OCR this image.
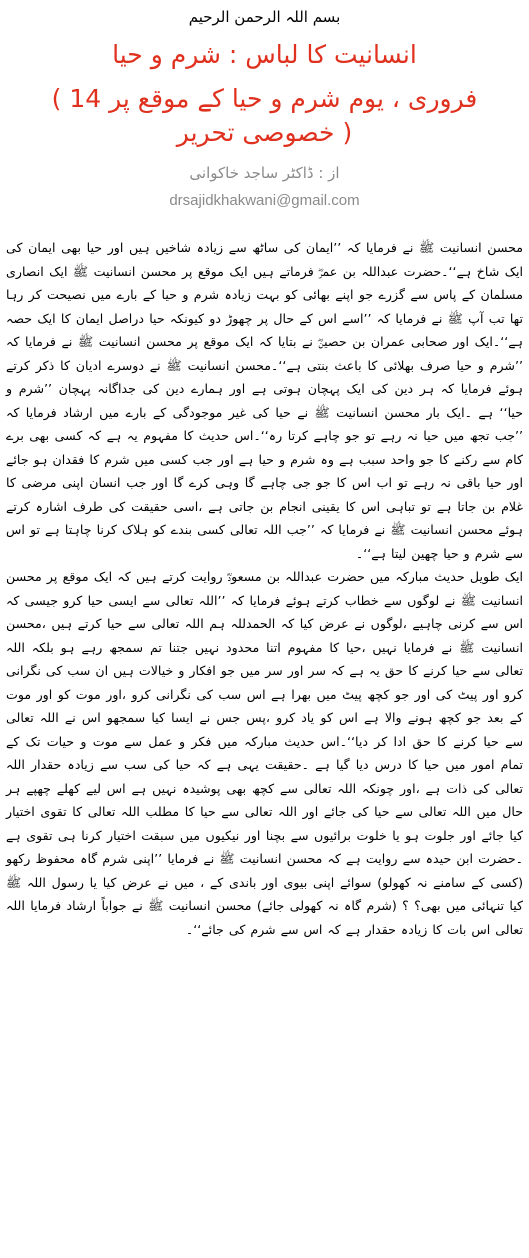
بسم اللہ الرحمن الرحیم

انسانیت کا لباس : شرم و حیا
( 14 فروری ، یوم شرم و حیا کے موقع پر خصوصی تحریر )

از : ڈاکٹر ساجد خاکوانی

drsajidkhakwani@gmail.com

محسن انسانیت ﷺ نے فرمایا کہ ’’ایمان کی ساٹھ سے زیادہ شاخیں ہیں اور حیا بھی ایمان کی ایک شاخ ہے‘‘۔حضرت عبداللہ بن عمرؓ فرماتے ہیں ایک موقع پر محسن انسانیت ﷺ ایک انصاری مسلمان کے پاس سے گزرے جو اپنے بھائی کو بہت زیادہ شرم و حیا کے بارے میں نصیحت کر رہا تھا تب آپ ﷺ نے فرمایا کہ ’’اسے اس کے حال پر چھوڑ دو کیونکہ حیا دراصل ایمان کا ایک حصہ ہے‘‘۔ایک اور صحابی عمران بن حصینؓ نے بتایا کہ ایک موقع پر محسن انسانیت ﷺ نے فرمایا کہ ’’شرم و حیا صرف بھلائی کا باعث بنتی ہے‘‘۔محسن انسانیت ﷺ نے دوسرے ادیان کا ذکر کرتے ہوئے فرمایا کہ ہر دین کی ایک پہچان ہوتی ہے اور ہمارے دین کی جداگانہ پہچان ’’شرم و حیا‘‘ ہے ۔ایک بار محسن انسانیت ﷺ نے حیا کی غیر موجودگی کے بارے میں ارشاد فرمایا کہ ’’جب تجھ میں حیا نہ رہے تو جو چاہے کرتا رہ‘‘۔اس حدیث کا مفہوم یہ ہے کہ کسی بھی برے کام سے رکنے کا جو واحد سبب ہے وہ شرم و حیا ہے اور جب کسی میں شرم کا فقدان ہو جائے اور حیا باقی نہ رہے تو اب اس کا جو جی چاہے گا وہی کرے گا اور جب انسان اپنی مرضی کا غلام بن جاتا ہے تو تباہی اس کا یقینی انجام بن جاتی ہے ،اسی حقیقت کی طرف اشارہ کرتے ہوئے محسن انسانیت ﷺ نے فرمایا کہ ’’جب اللہ تعالی کسی بندے کو ہلاک کرنا چاہتا ہے تو اس سے شرم و حیا چھین لیتا ہے‘‘۔

ایک طویل حدیث مبارکہ میں حضرت عبداللہ بن مسعودؓ روایت کرتے ہیں کہ ایک موقع پر محسن انسانیت ﷺ نے لوگوں سے خطاب کرتے ہوئے فرمایا کہ ’’اللہ تعالی سے ایسی حیا کرو جیسی کہ اس سے کرنی چاہیے ،لوگوں نے عرض کیا کہ الحمدللہ ہم اللہ تعالی سے حیا کرتے ہیں ،محسن انسانیت ﷺ نے فرمایا نہیں ،حیا کا مفہوم اتنا محدود نہیں جتنا تم سمجھ رہے ہو بلکہ اللہ تعالی سے حیا کرنے کا حق یہ ہے کہ سر اور سر میں جو افکار و خیالات ہیں ان سب کی نگرانی کرو اور پیٹ کی اور جو کچھ پیٹ میں بھرا ہے اس سب کی نگرانی کرو ،اور موت کو اور موت کے بعد جو کچھ ہونے والا ہے اس کو یاد کرو ،پس جس نے ایسا کیا سمجھو اس نے اللہ تعالی سے حیا کرنے کا حق ادا کر دیا‘‘۔اس حدیث مبارکہ میں فکر و عمل سے موت و حیات تک کے تمام امور میں حیا کا درس دیا گیا ہے ۔حقیقت یہی ہے کہ حیا کی سب سے زیادہ حقدار اللہ تعالی کی ذات ہے ،اور چونکہ اللہ تعالی سے کچھ بھی پوشیدہ نہیں ہے اس لیے کھلے چھپے ہر حال میں اللہ تعالی سے حیا کی جائے اور اللہ تعالی سے حیا کا مطلب اللہ تعالی کا تقوی اختیار کیا جائے اور جلوت ہو یا خلوت برائیوں سے بچنا اور نیکیوں میں سبقت اختیار کرنا ہی تقوی ہے ۔حضرت ابن حیدہ سے روایت ہے کہ محسن انسانیت ﷺ نے فرمایا ’’اپنی شرم گاہ محفوظ رکھو (کسی کے سامنے نہ کھولو) سوائے اپنی بیوی اور باندی کے ، میں نے عرض کیا یا رسول اللہ ﷺ کیا تنہائی میں بھی؟ ؟ (شرم گاہ نہ کھولی جائے) محسن انسانیت ﷺ نے جواباً ارشاد فرمایا اللہ تعالی اس بات کا زیادہ حقدار ہے کہ اس سے شرم کی جائے‘‘۔
